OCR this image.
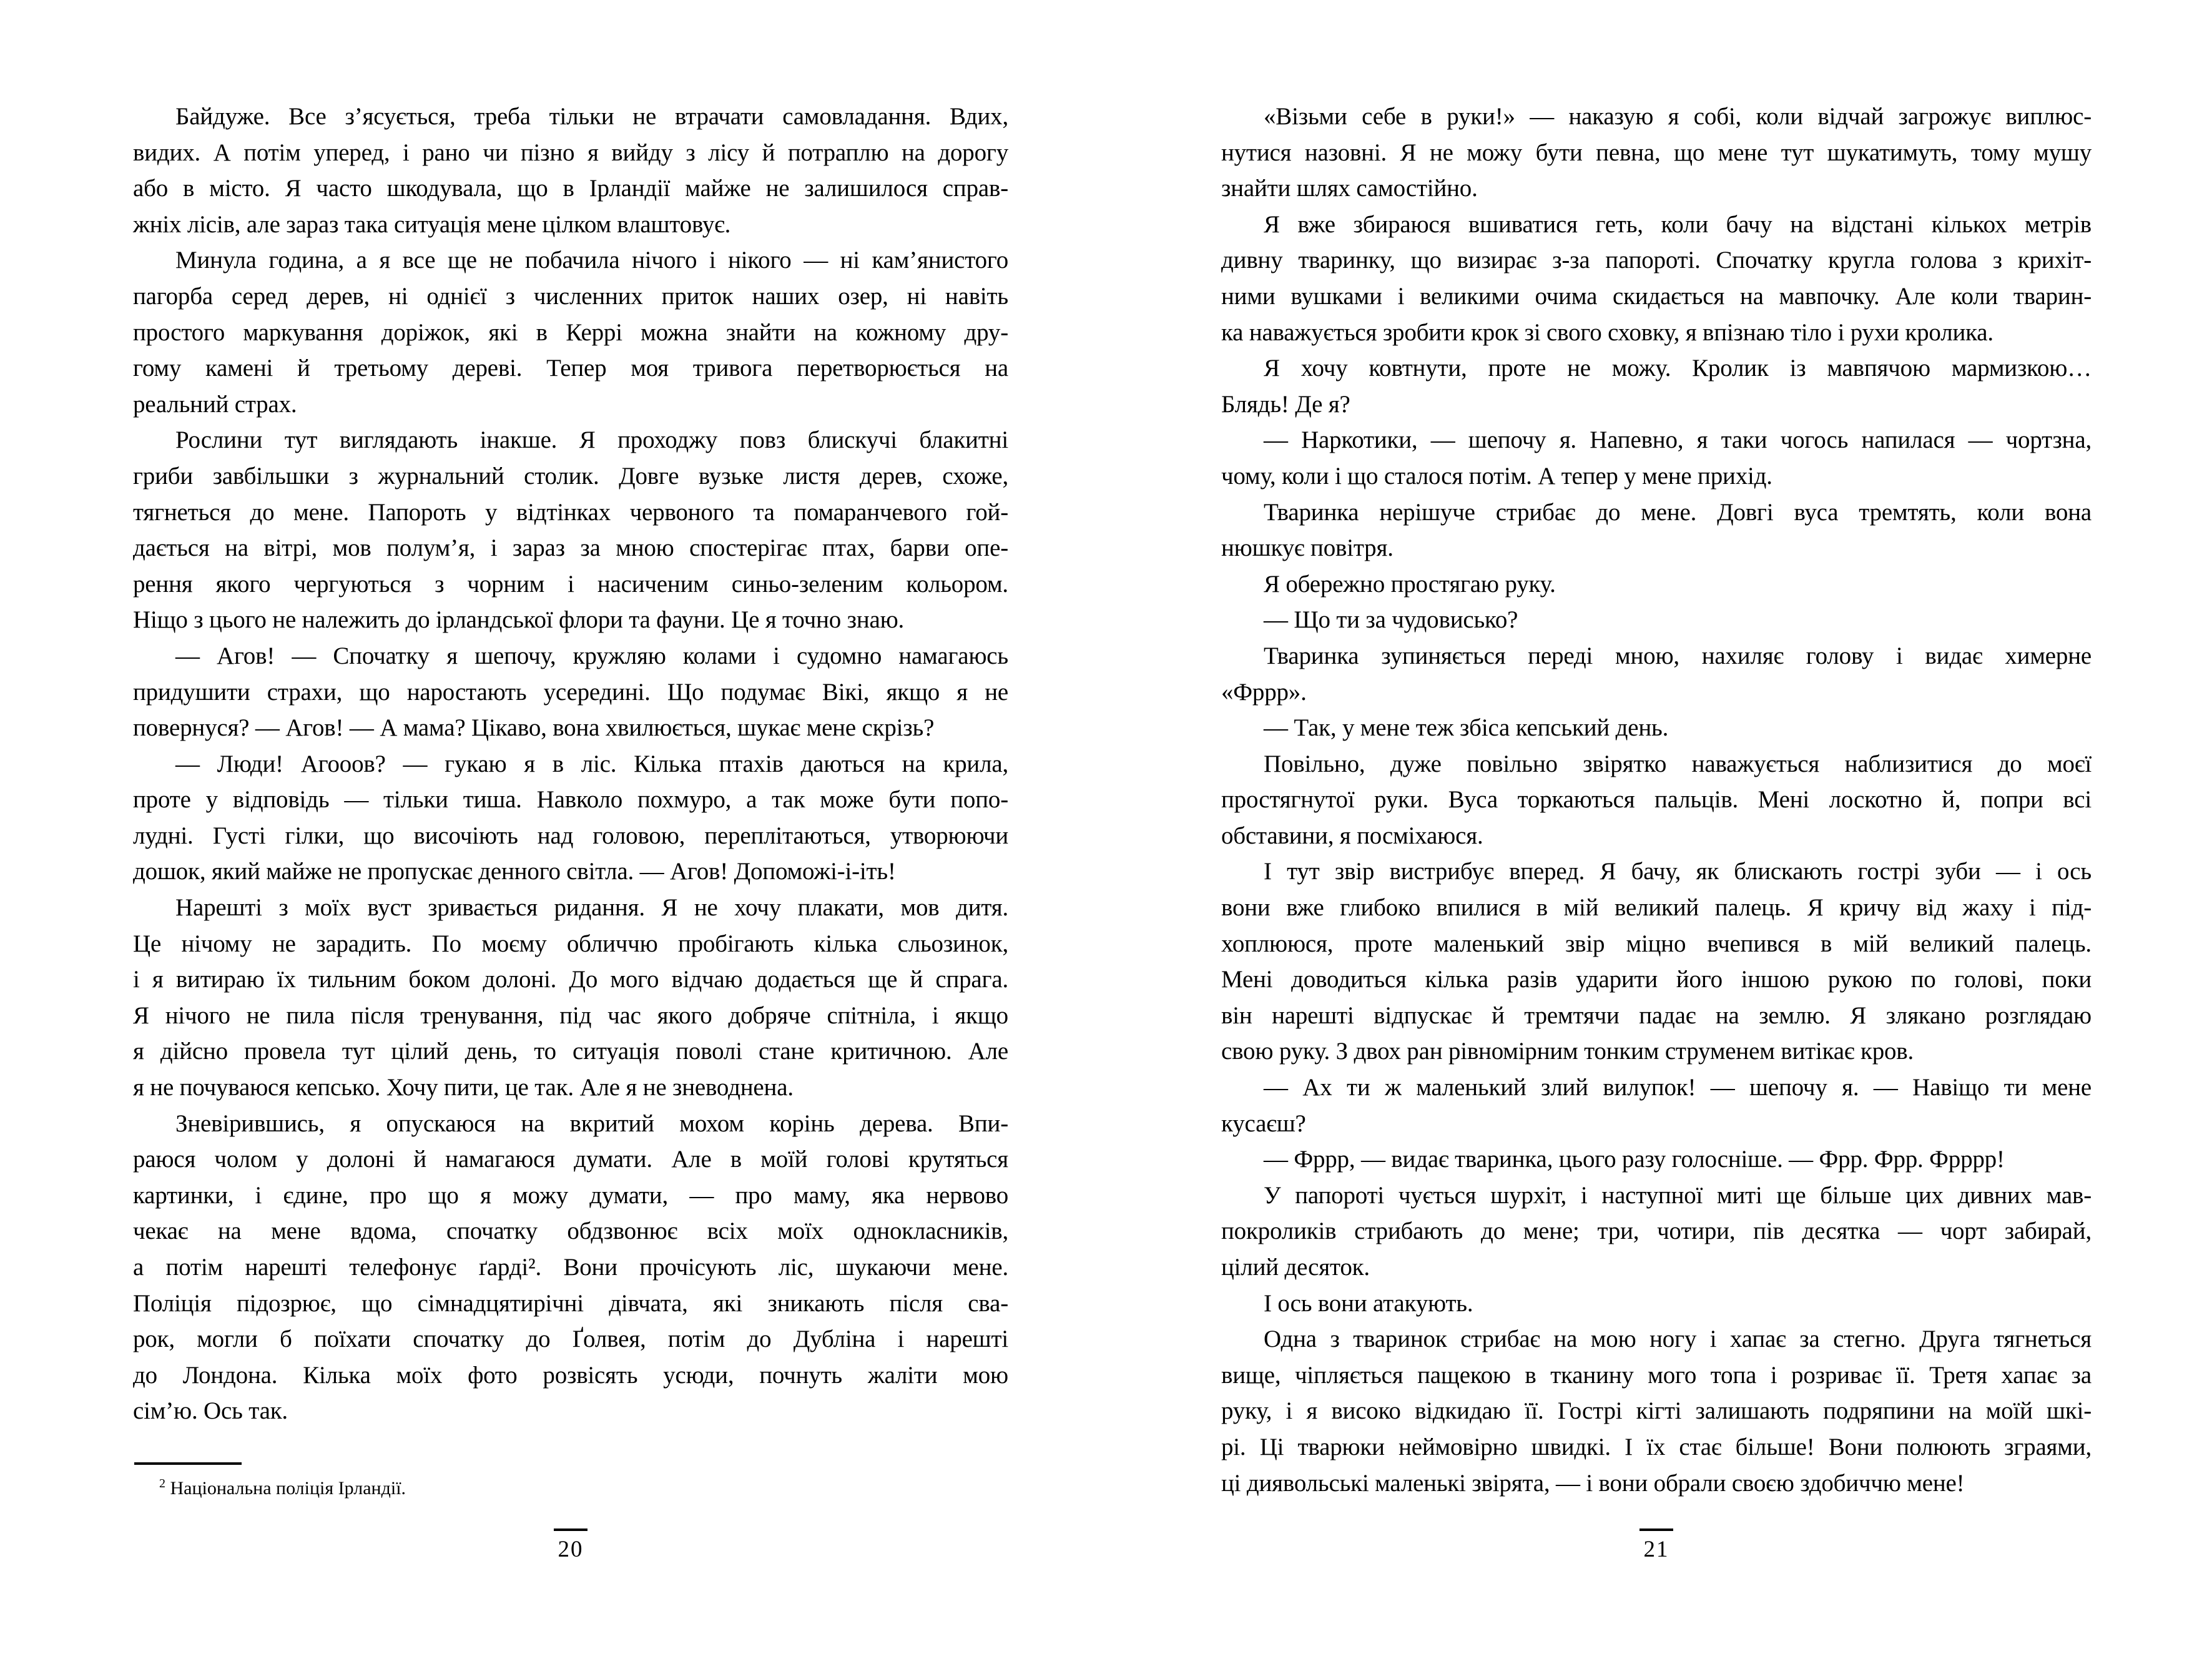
Байдуже. Все з’ясується, треба тільки не втрачати самовладання. Вдих,
видих. А потім уперед, і рано чи пізно я вийду з лісу й потраплю на дорогу
або в місто. Я часто шкодувала, що в Ірландії майже не залишилося справ-
жніх лісів, але зараз така ситуація мене цілком влаштовує.
Минула година, а я все ще не побачила нічого і нікого — ні кам’янистого
пагорба серед дерев, ні однієї з численних приток наших озер, ні навіть
простого маркування доріжок, які в Керрі можна знайти на кожному дру-
гому камені й третьому дереві. Тепер моя тривога перетворюється на
реальний страх.
Рослини тут виглядають інакше. Я проходжу повз блискучі блакитні
гриби завбільшки з журнальний столик. Довге вузьке листя дерев, схоже,
тягнеться до мене. Папороть у відтінках червоного та помаранчевого гой-
дається на вітрі, мов полум’я, і зараз за мною спостерігає птах, барви опе-
рення якого чергуються з чорним і насиченим синьо-зеленим кольором.
Ніщо з цього не належить до ірландської флори та фауни. Це я точно знаю.
— Агов! — Спочатку я шепочу, кружляю колами і судомно намагаюсь
придушити страхи, що наростають усередині. Що подумає Вікі, якщо я не
повернуся? — Агов! — А мама? Цікаво, вона хвилюється, шукає мене скрізь?
— Люди! Агооов? — гукаю я в ліс. Кілька птахів даються на крила,
проте у відповідь — тільки тиша. Навколо похмуро, а так може бути попо-
лудні. Густі гілки, що височіють над головою, переплітаються, утворюючи
дошок, який майже не пропускає денного світла. — Агов! Допоможі-і-іть!
Нарешті з моїх вуст зривається ридання. Я не хочу плакати, мов дитя.
Це нічому не зарадить. По моєму обличчю пробігають кілька сльозинок,
і я витираю їх тильним боком долоні. До мого відчаю додається ще й спрага.
Я нічого не пила після тренування, під час якого добряче спітніла, і якщо
я дійсно провела тут цілий день, то ситуація поволі стане критичною. Але
я не почуваюся кепсько. Хочу пити, це так. Але я не зневоднена.
Зневірившись, я опускаюся на вкритий мохом корінь дерева. Впи-
раюся чолом у долоні й намагаюся думати. Але в моїй голові крутяться
картинки, і єдине, про що я можу думати, — про маму, яка нервово
чекає на мене вдома, спочатку обдзвонює всіх моїх однокласників,
а потім нарешті телефонує ґарді². Вони прочісують ліс, шукаючи мене.
Поліція підозрює, що сімнадцятирічні дівчата, які зникають після сва-
рок, могли б поїхати спочатку до Ґолвея, потім до Дубліна і нарешті
до Лондона. Кілька моїх фото розвісять усюди, почнуть жаліти мою
сім’ю. Ось так.
$^2$ Національна поліція Ірландії.
20
«Візьми себе в руки!» — наказую я собі, коли відчай загрожує виплюс-
нутися назовні. Я не можу бути певна, що мене тут шукатимуть, тому мушу
знайти шлях самостійно.
Я вже збираюся вшиватися геть, коли бачу на відстані кількох метрів
дивну тваринку, що визирає з-за папороті. Спочатку кругла голова з крихіт-
ними вушками і великими очима скидається на мавпочку. Але коли тварин-
ка наважується зробити крок зі свого сховку, я впізнаю тіло і рухи кролика.
Я хочу ковтнути, проте не можу. Кролик із мавпячою мармизкою…
Блядь! Де я?
— Наркотики, — шепочу я. Напевно, я таки чогось напилася — чортзна,
чому, коли і що сталося потім. А тепер у мене прихід.
Тваринка нерішуче стрибає до мене. Довгі вуса тремтять, коли вона
нюшкує повітря.
Я обережно простягаю руку.
— Що ти за чудовисько?
Тваринка зупиняється переді мною, нахиляє голову і видає химерне
«Фррр».
— Так, у мене теж збіса кепський день.
Повільно, дуже повільно звірятко наважується наблизитися до моєї
простягнутої руки. Вуса торкаються пальців. Мені лоскотно й, попри всі
обставини, я посміхаюся.
І тут звір вистрибує вперед. Я бачу, як блискають гострі зуби — і ось
вони вже глибоко впилися в мій великий палець. Я кричу від жаху і під-
хоплююся, проте маленький звір міцно вчепився в мій великий палець.
Мені доводиться кілька разів ударити його іншою рукою по голові, поки
він нарешті відпускає й тремтячи падає на землю. Я злякано розглядаю
свою руку. З двох ран рівномірним тонким струменем витікає кров.
— Ах ти ж маленький злий вилупок! — шепочу я. — Навіщо ти мене
кусаєш?
— Фррр, — видає тваринка, цього разу голосніше. — Фрр. Фрр. Фрррр!
У папороті чується шурхіт, і наступної миті ще більше цих дивних мав-
покроликів стрибають до мене; три, чотири, пів десятка — чорт забирай,
цілий десяток.
І ось вони атакують.
Одна з тваринок стрибає на мою ногу і хапає за стегно. Друга тягнеться
вище, чіпляється пащекою в тканину мого топа і розриває її. Третя хапає за
руку, і я високо відкидаю її. Гострі кігті залишають подряпини на моїй шкі-
рі. Ці тварюки неймовірно швидкі. І їх стає більше! Вони полюють зграями,
ці диявольські маленькі звірята, — і вони обрали своєю здобиччю мене!
21
